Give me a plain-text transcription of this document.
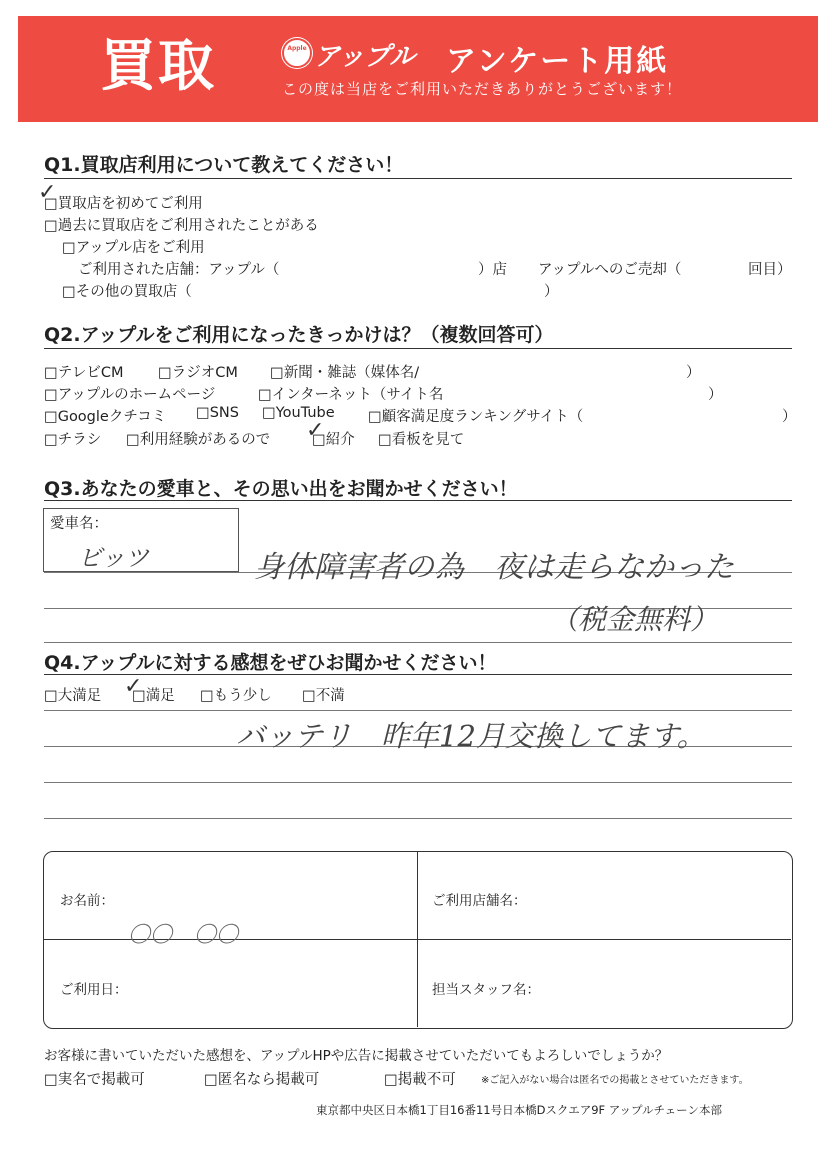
買取	Apple アップル アンケート用紙
この度は当店をご利用いただきありがとうございます！
Q1.買取店利用について教えてください！
✓ □ 買取店を初めてご利用
□ 過去に買取店をご利用されたことがある
□ アップル店をご利用
ご利用された店舗：アップル（	）店 アップルへのご売却（	回目）
□ その他の買取店（	）
Q2.アップルをご利用になったきっかけは？（複数回答可）
□ テレビCM	□ ラジオCM	□ 新聞・雑誌（媒体名/	）
□ アップルのホームページ	□ インターネット（サイト名	）
□ Googleクチコミ	□ SNS	□ YouTube	□ 顧客満足度ランキングサイト（	）
□ チラシ	□ 利用経験があるので ✓ □ 紹介	□ 看板を見て
Q3.あなたの愛車と、その思い出をお聞かせください！
愛車名：
ビッツ	身体障害者の為　夜は走らなかった
（税金無料）
Q4.アップルに対する感想をぜひお聞かせください！
□ 大満足 ✓ □ 満足	□ もう少し	□ 不満
バッテリ　昨年12月交換してます。
お名前：
〇〇　〇〇
ご利用店舗名：
ご利用日：	担当スタッフ名：
お客様に書いていただいた感想を、アップルHPや広告に掲載させていただいてもよろしいでしょうか？
□ 実名で掲載可	□ 匿名なら掲載可	□ 掲載不可	※ご記入がない場合は匿名での掲載とさせていただきます。
東京都中央区日本橋1丁目16番11号日本橋Dスクエア9F アップルチェーン本部
